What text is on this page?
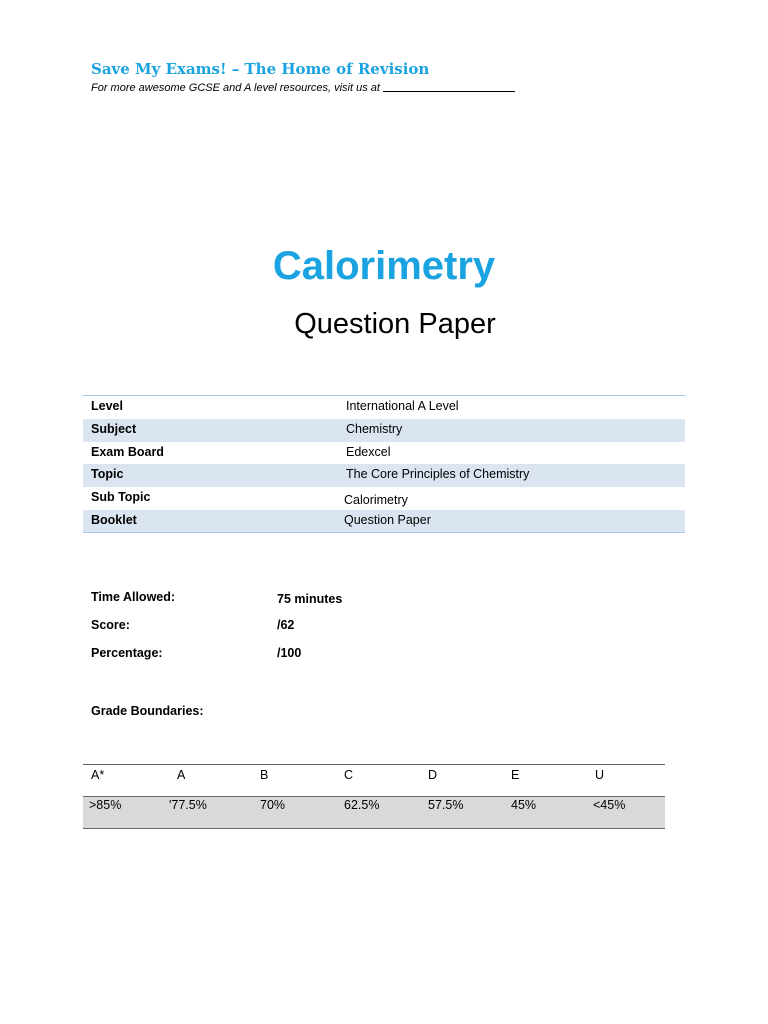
Save My Exams! – The Home of Revision
For more awesome GCSE and A level resources, visit us at
Calorimetry
Question Paper
Level	International A Level
Subject	Chemistry
Exam Board	Edexcel
Topic	The Core Principles of Chemistry
Sub Topic	Calorimetry
Booklet	Question Paper
Time Allowed:	75 minutes
Score:	/62
Percentage:	/100
Grade Boundaries:
A*	A	B	C	D	E	U
>85%	'77.5%	70%	62.5%	57.5%	45%	<45%
